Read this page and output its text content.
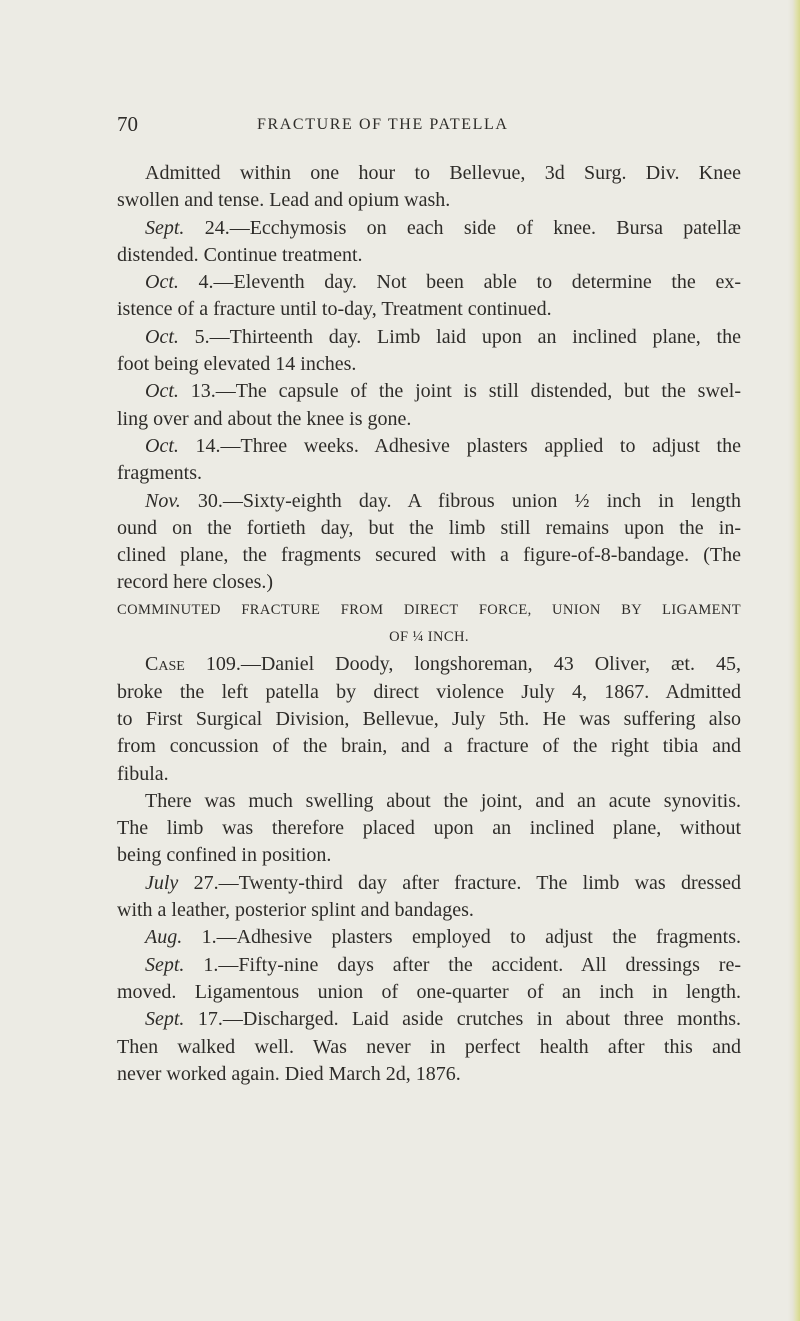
70	FRACTURE OF THE PATELLA
Admitted within one hour to Bellevue, 3d Surg. Div. Knee
swollen and tense. Lead and opium wash.
Sept. 24.—Ecchymosis on each side of knee. Bursa patellæ
distended. Continue treatment.
Oct. 4.—Eleventh day. Not been able to determine the ex-
istence of a fracture until to-day, Treatment continued.
Oct. 5.—Thirteenth day. Limb laid upon an inclined plane, the
foot being elevated 14 inches.
Oct. 13.—The capsule of the joint is still distended, but the swel-
ling over and about the knee is gone.
Oct. 14.—Three weeks. Adhesive plasters applied to adjust the
fragments.
Nov. 30.—Sixty-eighth day. A fibrous union ½ inch in length
ound on the fortieth day, but the limb still remains upon the in-
clined plane, the fragments secured with a figure-of-8-bandage. (The
record here closes.)
COMMINUTED FRACTURE FROM DIRECT FORCE, UNION BY LIGAMENT
OF ¼ INCH.
Case 109.—Daniel Doody, longshoreman, 43 Oliver, æt. 45,
broke the left patella by direct violence July 4, 1867. Admitted
to First Surgical Division, Bellevue, July 5th. He was suffering also
from concussion of the brain, and a fracture of the right tibia and
fibula.
There was much swelling about the joint, and an acute synovitis.
The limb was therefore placed upon an inclined plane, without
being confined in position.
July 27.—Twenty-third day after fracture. The limb was dressed
with a leather, posterior splint and bandages.
Aug. 1.—Adhesive plasters employed to adjust the fragments.
Sept. 1.—Fifty-nine days after the accident. All dressings re-
moved. Ligamentous union of one-quarter of an inch in length.
Sept. 17.—Discharged. Laid aside crutches in about three months.
Then walked well. Was never in perfect health after this and
never worked again. Died March 2d, 1876.
